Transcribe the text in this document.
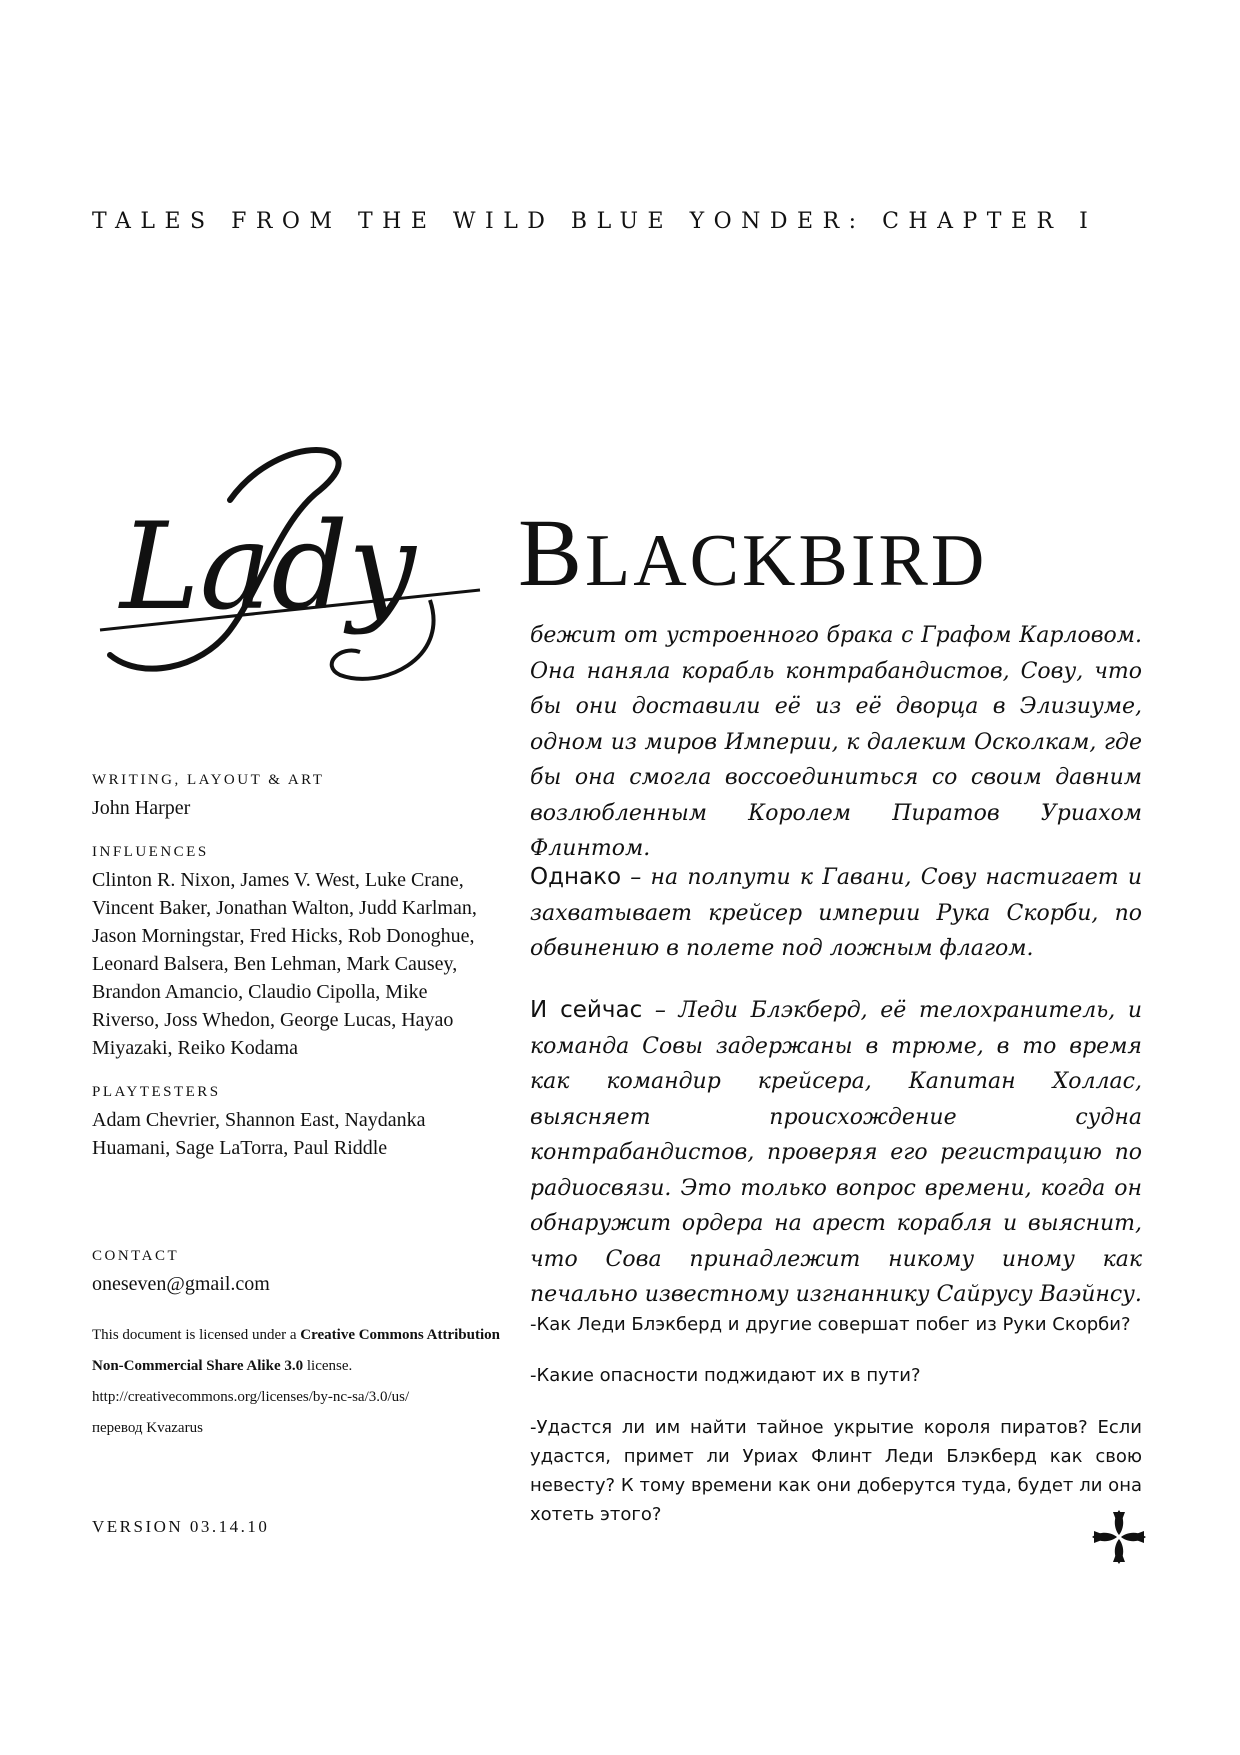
TALES FROM THE WILD BLUE YONDER: CHAPTER I
Lady BLACKBIRD
WRITING, LAYOUT & ART
John Harper
INFLUENCES
Clinton R. Nixon, James V. West, Luke Crane, Vincent Baker, Jonathan Walton, Judd Karlman, Jason Morningstar, Fred Hicks, Rob Donoghue, Leonard Balsera, Ben Lehman, Mark Causey, Brandon Amancio, Claudio Cipolla, Mike Riverso, Joss Whedon, George Lucas, Hayao Miyazaki, Reiko Kodama
PLAYTESTERS
Adam Chevrier, Shannon East, Naydanka Huamani, Sage LaTorra, Paul Riddle
CONTACT
oneseven@gmail.com
This document is licensed under a Creative Commons Attribution Non-Commercial Share Alike 3.0 license.
http://creativecommons.org/licenses/by-nc-sa/3.0/us/
перевод Kvazarus
VERSION 03.14.10
бежит от устроенного брака с Графом Карловом. Она наняла корабль контрабандистов, Сову, что бы они доставили её из её дворца в Элизиуме, одном из миров Империи, к далеким Осколкам, где бы она смогла воссоединиться со своим давним возлюбленным Королем Пиратов Уриахом Флинтом.
Однако – на полпути к Гавани, Сову настигает и захватывает крейсер империи Рука Скорби, по обвинению в полете под ложным флагом.
И сейчас – Леди Блэкберд, её телохранитель, и команда Совы задержаны в трюме, в то время как командир крейсера, Капитан Холлас, выясняет происхождение судна контрабандистов, проверяя его регистрацию по радиосвязи. Это только вопрос времени, когда он обнаружит ордера на арест корабля и выяснит, что Сова принадлежит никому иному как печально известному изгнаннику Сайрусу Ваэйнсу.
-Как Леди Блэкберд и другие совершат побег из Руки Скорби?
-Какие опасности поджидают их в пути?
-Удастся ли им найти тайное укрытие короля пиратов? Если удастся, примет ли Уриах Флинт Леди Блэкберд как свою невесту? К тому времени как они доберутся туда, будет ли она хотеть этого?
